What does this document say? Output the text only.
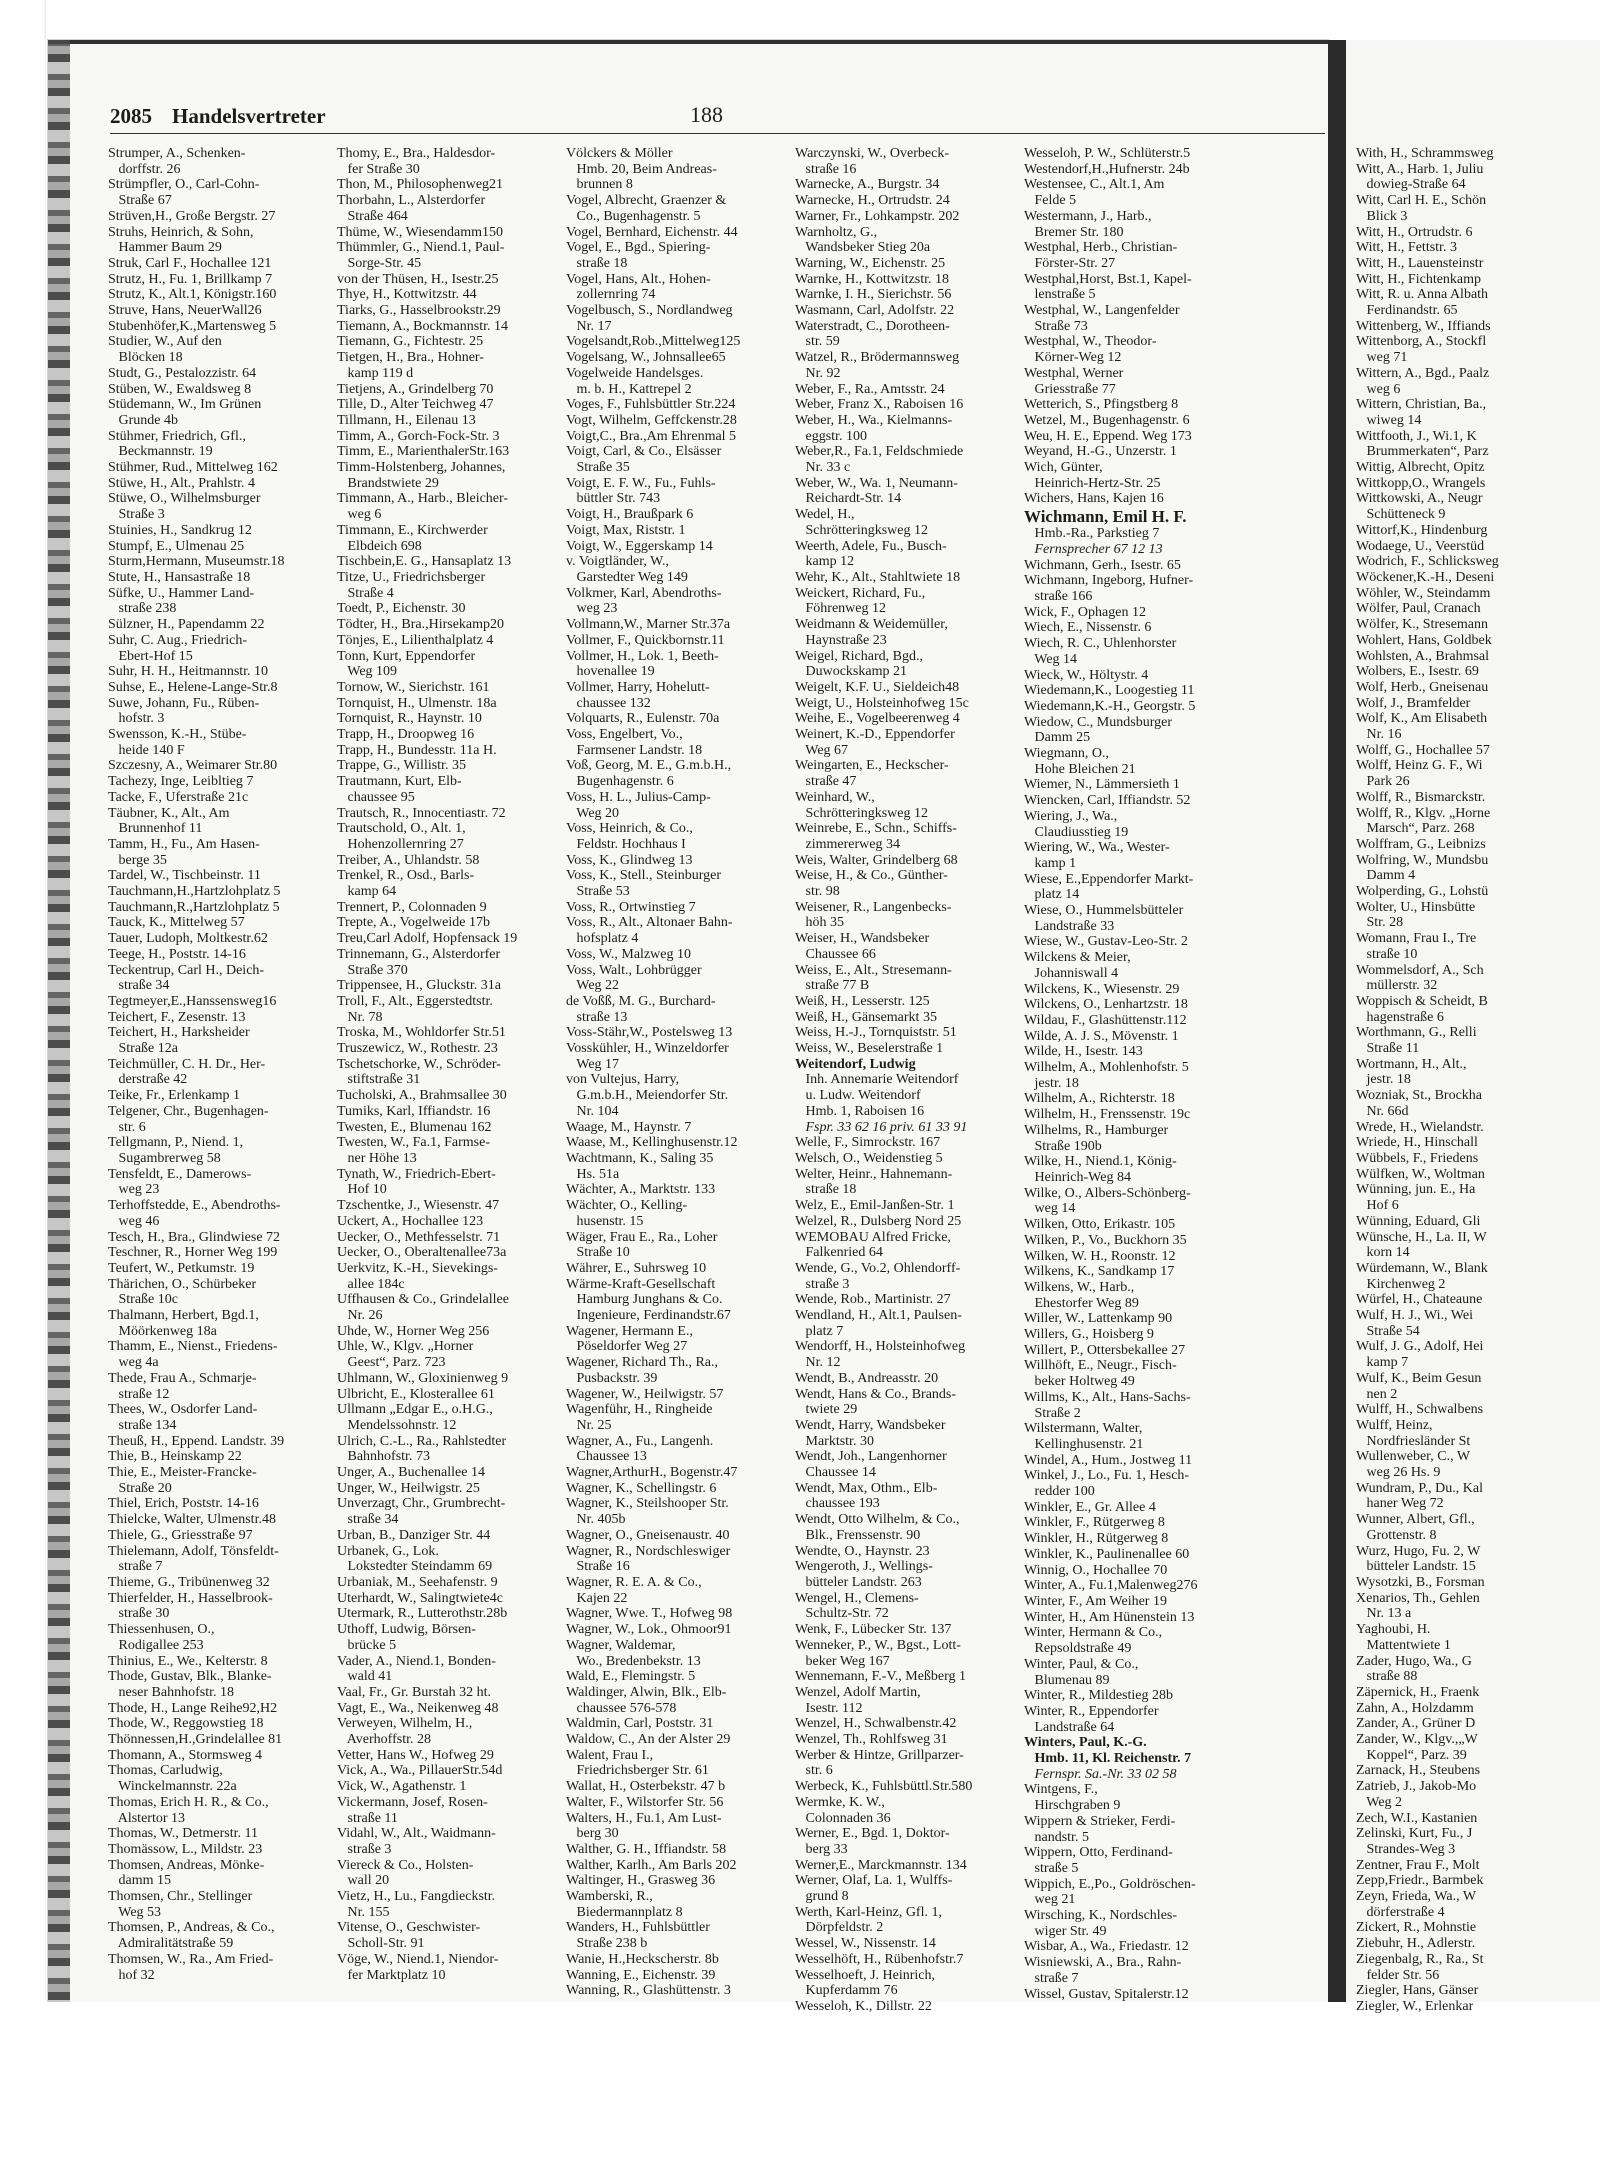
2085 Handelsvertreter	188
Strumper, A., Schenken-
dorffstr. 26
Strümpfler, O., Carl-Cohn-
Straße 67
Strüven,H., Große Bergstr. 27
Struhs, Heinrich, & Sohn,
Hammer Baum 29
Struk, Carl F., Hochallee 121
Strutz, H., Fu. 1, Brillkamp 7
Strutz, K., Alt.1, Königstr.160
Struve, Hans, NeuerWall26
Stubenhöfer,K.,Martensweg 5
Studier, W., Auf den
Blöcken 18
Studt, G., Pestalozzistr. 64
Stüben, W., Ewaldsweg 8
Stüdemann, W., Im Grünen
Grunde 4b
Stühmer, Friedrich, Gfl.,
Beckmannstr. 19
Stühmer, Rud., Mittelweg 162
Stüwe, H., Alt., Prahlstr. 4
Stüwe, O., Wilhelmsburger
Straße 3
Stuinies, H., Sandkrug 12
Stumpf, E., Ulmenau 25
Sturm,Hermann, Museumstr.18
Stute, H., Hansastraße 18
Süfke, U., Hammer Land-
straße 238
Sülzner, H., Papendamm 22
Suhr, C. Aug., Friedrich-
Ebert-Hof 15
Suhr, H. H., Heitmannstr. 10
Suhse, E., Helene-Lange-Str.8
Suwe, Johann, Fu., Rüben-
hofstr. 3
Swensson, K.-H., Stübe-
heide 140 F
Szczesny, A., Weimarer Str.80
Tachezy, Inge, Leibltieg 7
Tacke, F., Uferstraße 21c
Täubner, K., Alt., Am
Brunnenhof 11
Tamm, H., Fu., Am Hasen-
berge 35
Tardel, W., Tischbeinstr. 11
Tauchmann,H.,Hartzlohplatz 5
Tauchmann,R.,Hartzlohplatz 5
Tauck, K., Mittelweg 57
Tauer, Ludoph, Moltkestr.62
Teege, H., Poststr. 14-16
Teckentrup, Carl H., Deich-
straße 34
Tegtmeyer,E.,Hanssensweg16
Teichert, F., Zesenstr. 13
Teichert, H., Harksheider
Straße 12a
Teichmüller, C. H. Dr., Her-
derstraße 42
Teike, Fr., Erlenkamp 1
Telgener, Chr., Bugenhagen-
str. 6
Tellgmann, P., Niend. 1,
Sugambrerweg 58
Tensfeldt, E., Damerows-
weg 23
Terhoffstedde, E., Abendroths-
weg 46
Tesch, H., Bra., Glindwiese 72
Teschner, R., Horner Weg 199
Teufert, W., Petkumstr. 19
Thärichen, O., Schürbeker
Straße 10c
Thalmann, Herbert, Bgd.1,
Möörkenweg 18a
Thamm, E., Nienst., Friedens-
weg 4a
Thede, Frau A., Schmarje-
straße 12
Thees, W., Osdorfer Land-
straße 134
Theuß, H., Eppend. Landstr. 39
Thie, B., Heinskamp 22
Thie, E., Meister-Francke-
Straße 20
Thiel, Erich, Poststr. 14-16
Thielcke, Walter, Ulmenstr.48
Thiele, G., Griesstraße 97
Thielemann, Adolf, Tönsfeldt-
straße 7
Thieme, G., Tribünenweg 32
Thierfelder, H., Hasselbrook-
straße 30
Thiessenhusen, O.,
Rodigallee 253
Thinius, E., We., Kelterstr. 8
Thode, Gustav, Blk., Blanke-
neser Bahnhofstr. 18
Thode, H., Lange Reihe92,H2
Thode, W., Reggowstieg 18
Thönnessen,H.,Grindelallee 81
Thomann, A., Stormsweg 4
Thomas, Carludwig,
Winckelmannstr. 22a
Thomas, Erich H. R., & Co.,
Alstertor 13
Thomas, W., Detmerstr. 11
Thomässow, L., Mildstr. 23
Thomsen, Andreas, Mönke-
damm 15
Thomsen, Chr., Stellinger
Weg 53
Thomsen, P., Andreas, & Co.,
Admiralitätstraße 59
Thomsen, W., Ra., Am Fried-
hof 32
Thomy, E., Bra., Haldesdor-
fer Straße 30
Thon, M., Philosophenweg21
Thorbahn, L., Alsterdorfer
Straße 464
Thüme, W., Wiesendamm150
Thümmler, G., Niend.1, Paul-
Sorge-Str. 45
von der Thüsen, H., Isestr.25
Thye, H., Kottwitzstr. 44
Tiarks, G., Hasselbrookstr.29
Tiemann, A., Bockmannstr. 14
Tiemann, G., Fichtestr. 25
Tietgen, H., Bra., Hohner-
kamp 119 d
Tietjens, A., Grindelberg 70
Tille, D., Alter Teichweg 47
Tillmann, H., Eilenau 13
Timm, A., Gorch-Fock-Str. 3
Timm, E., MarienthalerStr.163
Timm-Holstenberg, Johannes,
Brandstwiete 29
Timmann, A., Harb., Bleicher-
weg 6
Timmann, E., Kirchwerder
Elbdeich 698
Tischbein,E. G., Hansaplatz 13
Titze, U., Friedrichsberger
Straße 4
Toedt, P., Eichenstr. 30
Tödter, H., Bra.,Hirsekamp20
Tönjes, E., Lilienthalplatz 4
Tonn, Kurt, Eppendorfer
Weg 109
Tornow, W., Sierichstr. 161
Tornquist, H., Ulmenstr. 18a
Tornquist, R., Haynstr. 10
Trapp, H., Droopweg 16
Trapp, H., Bundesstr. 11a H.
Trappe, G., Willistr. 35
Trautmann, Kurt, Elb-
chaussee 95
Trautsch, R., Innocentiastr. 72
Trautschold, O., Alt. 1,
Hohenzollernring 27
Treiber, A., Uhlandstr. 58
Trenkel, R., Osd., Barls-
kamp 64
Trennert, P., Colonnaden 9
Trepte, A., Vogelweide 17b
Treu,Carl Adolf, Hopfensack 19
Trinnemann, G., Alsterdorfer
Straße 370
Trippensee, H., Gluckstr. 31a
Troll, F., Alt., Eggerstedtstr.
Nr. 78
Troska, M., Wohldorfer Str.51
Truszewicz, W., Rothestr. 23
Tschetschorke, W., Schröder-
stiftstraße 31
Tucholski, A., Brahmsallee 30
Tumiks, Karl, Iffiandstr. 16
Twesten, E., Blumenau 162
Twesten, W., Fa.1, Farmse-
ner Höhe 13
Tynath, W., Friedrich-Ebert-
Hof 10
Tzschentke, J., Wiesenstr. 47
Uckert, A., Hochallee 123
Uecker, O., Methfesselstr. 71
Uecker, O., Oberaltenallee73a
Uerkvitz, K.-H., Sievekings-
allee 184c
Uffhausen & Co., Grindelallee
Nr. 26
Uhde, W., Horner Weg 256
Uhle, W., Klgv. „Horner
Geest“, Parz. 723
Uhlmann, W., Gloxinienweg 9
Ulbricht, E., Klosterallee 61
Ullmann „Edgar E., o.H.G.,
Mendelssohnstr. 12
Ulrich, C.-L., Ra., Rahlstedter
Bahnhofstr. 73
Unger, A., Buchenallee 14
Unger, W., Heilwigstr. 25
Unverzagt, Chr., Grumbrecht-
straße 34
Urban, B., Danziger Str. 44
Urbanek, G., Lok.
Lokstedter Steindamm 69
Urbaniak, M., Seehafenstr. 9
Uterhardt, W., Salingtwiete4c
Utermark, R., Lutterothstr.28b
Uthoff, Ludwig, Börsen-
brücke 5
Vader, A., Niend.1, Bonden-
wald 41
Vaal, Fr., Gr. Burstah 32 ht.
Vagt, E., Wa., Neikenweg 48
Verweyen, Wilhelm, H.,
Averhoffstr. 28
Vetter, Hans W., Hofweg 29
Vick, A., Wa., PillauerStr.54d
Vick, W., Agathenstr. 1
Vickermann, Josef, Rosen-
straße 11
Vidahl, W., Alt., Waidmann-
straße 3
Viereck & Co., Holsten-
wall 20
Vietz, H., Lu., Fangdieckstr.
Nr. 155
Vitense, O., Geschwister-
Scholl-Str. 91
Vöge, W., Niend.1, Niendor-
fer Marktplatz 10
Völckers & Möller
Hmb. 20, Beim Andreas-
brunnen 8
Vogel, Albrecht, Graenzer &
Co., Bugenhagenstr. 5
Vogel, Bernhard, Eichenstr. 44
Vogel, E., Bgd., Spiering-
straße 18
Vogel, Hans, Alt., Hohen-
zollernring 74
Vogelbusch, S., Nordlandweg
Nr. 17
Vogelsandt,Rob.,Mittelweg125
Vogelsang, W., Johnsallee65
Vogelweide Handelsges.
m. b. H., Kattrepel 2
Voges, F., Fuhlsbüttler Str.224
Vogt, Wilhelm, Geffckenstr.28
Voigt,C., Bra.,Am Ehrenmal 5
Voigt, Carl, & Co., Elsässer
Straße 35
Voigt, E. F. W., Fu., Fuhls-
büttler Str. 743
Voigt, H., Braußpark 6
Voigt, Max, Riststr. 1
Voigt, W., Eggerskamp 14
v. Voigtländer, W.,
Garstedter Weg 149
Volkmer, Karl, Abendroths-
weg 23
Vollmann,W., Marner Str.37a
Vollmer, F., Quickbornstr.11
Vollmer, H., Lok. 1, Beeth-
hovenallee 19
Vollmer, Harry, Hohelutt-
chaussee 132
Volquarts, R., Eulenstr. 70a
Voss, Engelbert, Vo.,
Farmsener Landstr. 18
Voß, Georg, M. E., G.m.b.H.,
Bugenhagenstr. 6
Voss, H. L., Julius-Camp-
Weg 20
Voss, Heinrich, & Co.,
Feldstr. Hochhaus I
Voss, K., Glindweg 13
Voss, K., Stell., Steinburger
Straße 53
Voss, R., Ortwinstieg 7
Voss, R., Alt., Altonaer Bahn-
hofsplatz 4
Voss, W., Malzweg 10
Voss, Walt., Lohbrügger
Weg 22
de Voßß, M. G., Burchard-
straße 13
Voss-Stähr,W., Postelsweg 13
Vosskühler, H., Winzeldorfer
Weg 17
von Vultejus, Harry,
G.m.b.H., Meiendorfer Str.
Nr. 104
Waage, M., Haynstr. 7
Waase, M., Kellinghusenstr.12
Wachtmann, K., Saling 35
Hs. 51a
Wächter, A., Marktstr. 133
Wächter, O., Kelling-
husenstr. 15
Wäger, Frau E., Ra., Loher
Straße 10
Währer, E., Suhrsweg 10
Wärme-Kraft-Gesellschaft
Hamburg Junghans & Co.
Ingenieure, Ferdinandstr.67
Wagener, Hermann E.,
Pöseldorfer Weg 27
Wagener, Richard Th., Ra.,
Pusbackstr. 39
Wagener, W., Heilwigstr. 57
Wagenführ, H., Ringheide
Nr. 25
Wagner, A., Fu., Langenh.
Chaussee 13
Wagner,ArthurH., Bogenstr.47
Wagner, K., Schellingstr. 6
Wagner, K., Steilshooper Str.
Nr. 405b
Wagner, O., Gneisenaustr. 40
Wagner, R., Nordschleswiger
Straße 16
Wagner, R. E. A. & Co.,
Kajen 22
Wagner, Wwe. T., Hofweg 98
Wagner, W., Lok., Ohmoor91
Wagner, Waldemar,
Wo., Bredenbekstr. 13
Wald, E., Flemingstr. 5
Waldinger, Alwin, Blk., Elb-
chaussee 576-578
Waldmin, Carl, Poststr. 31
Waldow, C., An der Alster 29
Walent, Frau I.,
Friedrichsberger Str. 61
Wallat, H., Osterbekstr. 47 b
Walter, F., Wilstorfer Str. 56
Walters, H., Fu.1, Am Lust-
berg 30
Walther, G. H., Iffiandstr. 58
Walther, Karlh., Am Barls 202
Waltinger, H., Grasweg 36
Wamberski, R.,
Biedermannplatz 8
Wanders, H., Fuhlsbüttler
Straße 238 b
Wanie, H.,Heckscherstr. 8b
Wanning, E., Eichenstr. 39
Wanning, R., Glashüttenstr. 3
Warczynski, W., Overbeck-
straße 16
Warnecke, A., Burgstr. 34
Warnecke, H., Ortrudstr. 24
Warner, Fr., Lohkampstr. 202
Warnholtz, G.,
Wandsbeker Stieg 20a
Warning, W., Eichenstr. 25
Warnke, H., Kottwitzstr. 18
Warnke, I. H., Sierichstr. 56
Wasmann, Carl, Adolfstr. 22
Waterstradt, C., Dorotheen-
str. 59
Watzel, R., Brödermannsweg
Nr. 92
Weber, F., Ra., Amtsstr. 24
Weber, Franz X., Raboisen 16
Weber, H., Wa., Kielmanns-
eggstr. 100
Weber,R., Fa.1, Feldschmiede
Nr. 33 c
Weber, W., Wa. 1, Neumann-
Reichardt-Str. 14
Wedel, H.,
Schrötteringksweg 12
Weerth, Adele, Fu., Busch-
kamp 12
Wehr, K., Alt., Stahltwiete 18
Weickert, Richard, Fu.,
Föhrenweg 12
Weidmann & Weidemüller,
Haynstraße 23
Weigel, Richard, Bgd.,
Duwockskamp 21
Weigelt, K.F. U., Sieldeich48
Weigt, U., Holsteinhofweg 15c
Weihe, E., Vogelbeerenweg 4
Weinert, K.-D., Eppendorfer
Weg 67
Weingarten, E., Heckscher-
straße 47
Weinhard, W.,
Schrötteringksweg 12
Weinrebe, E., Schn., Schiffs-
zimmererweg 34
Weis, Walter, Grindelberg 68
Weise, H., & Co., Günther-
str. 98
Weisener, R., Langenbecks-
höh 35
Weiser, H., Wandsbeker
Chaussee 66
Weiss, E., Alt., Stresemann-
straße 77 B
Weiß, H., Lesserstr. 125
Weiß, H., Gänsemarkt 35
Weiss, H.-J., Tornquiststr. 51
Weiss, W., Beselerstraße 1
Weitendorf, Ludwig
Inh. Annemarie Weitendorf
u. Ludw. Weitendorf
Hmb. 1, Raboisen 16
Fspr. 33 62 16 priv. 61 33 91
Welle, F., Simrockstr. 167
Welsch, O., Weidenstieg 5
Welter, Heinr., Hahnemann-
straße 18
Welz, E., Emil-Janßen-Str. 1
Welzel, R., Dulsberg Nord 25
WEMOBAU Alfred Fricke,
Falkenried 64
Wende, G., Vo.2, Ohlendorff-
straße 3
Wende, Rob., Martinistr. 27
Wendland, H., Alt.1, Paulsen-
platz 7
Wendorff, H., Holsteinhofweg
Nr. 12
Wendt, B., Andreasstr. 20
Wendt, Hans & Co., Brands-
twiete 29
Wendt, Harry, Wandsbeker
Marktstr. 30
Wendt, Joh., Langenhorner
Chaussee 14
Wendt, Max, Othm., Elb-
chaussee 193
Wendt, Otto Wilhelm, & Co.,
Blk., Frenssenstr. 90
Wendte, O., Haynstr. 23
Wengeroth, J., Wellings-
bütteler Landstr. 263
Wengel, H., Clemens-
Schultz-Str. 72
Wenk, F., Lübecker Str. 137
Wenneker, P., W., Bgst., Lott-
beker Weg 167
Wennemann, F.-V., Meßberg 1
Wenzel, Adolf Martin,
Isestr. 112
Wenzel, H., Schwalbenstr.42
Wenzel, Th., Rohlfsweg 31
Werber & Hintze, Grillparzer-
str. 6
Werbeck, K., Fuhlsbüttl.Str.580
Wermke, K. W.,
Colonnaden 36
Werner, E., Bgd. 1, Doktor-
berg 33
Werner,E., Marckmannstr. 134
Werner, Olaf, La. 1, Wulffs-
grund 8
Werth, Karl-Heinz, Gfl. 1,
Dörpfeldstr. 2
Wessel, W., Nissenstr. 14
Wesselhöft, H., Rübenhofstr.7
Wesselhoeft, J. Heinrich,
Kupferdamm 76
Wesseloh, K., Dillstr. 22
Wesseloh, P. W., Schlüterstr.5
Westendorf,H.,Hufnerstr. 24b
Westensee, C., Alt.1, Am
Felde 5
Westermann, J., Harb.,
Bremer Str. 180
Westphal, Herb., Christian-
Förster-Str. 27
Westphal,Horst, Bst.1, Kapel-
lenstraße 5
Westphal, W., Langenfelder
Straße 73
Westphal, W., Theodor-
Körner-Weg 12
Westphal, Werner
Griesstraße 77
Wetterich, S., Pfingstberg 8
Wetzel, M., Bugenhagenstr. 6
Weu, H. E., Eppend. Weg 173
Weyand, H.-G., Unzerstr. 1
Wich, Günter,
Heinrich-Hertz-Str. 25
Wichers, Hans, Kajen 16
Wichmann, Emil H. F.
Hmb.-Ra., Parkstieg 7
Fernsprecher 67 12 13
Wichmann, Gerh., Isestr. 65
Wichmann, Ingeborg, Hufner-
straße 166
Wick, F., Ophagen 12
Wiech, E., Nissenstr. 6
Wiech, R. C., Uhlenhorster
Weg 14
Wieck, W., Höltystr. 4
Wiedemann,K., Loogestieg 11
Wiedemann,K.-H., Georgstr. 5
Wiedow, C., Mundsburger
Damm 25
Wiegmann, O.,
Hohe Bleichen 21
Wiemer, N., Lämmersieth 1
Wiencken, Carl, Iffiandstr. 52
Wiering, J., Wa.,
Claudiusstieg 19
Wiering, W., Wa., Wester-
kamp 1
Wiese, E.,Eppendorfer Markt-
platz 14
Wiese, O., Hummelsbütteler
Landstraße 33
Wiese, W., Gustav-Leo-Str. 2
Wilckens & Meier,
Johanniswall 4
Wilckens, K., Wiesenstr. 29
Wilckens, O., Lenhartzstr. 18
Wildau, F., Glashüttenstr.112
Wilde, A. J. S., Mövenstr. 1
Wilde, H., Isestr. 143
Wilhelm, A., Mohlenhofstr. 5
jestr. 18
Wilhelm, A., Richterstr. 18
Wilhelm, H., Frenssenstr. 19c
Wilhelms, R., Hamburger
Straße 190b
Wilke, H., Niend.1, König-
Heinrich-Weg 84
Wilke, O., Albers-Schönberg-
weg 14
Wilken, Otto, Erikastr. 105
Wilken, P., Vo., Buckhorn 35
Wilken, W. H., Roonstr. 12
Wilkens, K., Sandkamp 17
Wilkens, W., Harb.,
Ehestorfer Weg 89
Willer, W., Lattenkamp 90
Willers, G., Hoisberg 9
Willert, P., Ottersbekallee 27
Willhöft, E., Neugr., Fisch-
beker Holtweg 49
Willms, K., Alt., Hans-Sachs-
Straße 2
Wilstermann, Walter,
Kellinghusenstr. 21
Windel, A., Hum., Jostweg 11
Winkel, J., Lo., Fu. 1, Hesch-
redder 100
Winkler, E., Gr. Allee 4
Winkler, F., Rütgerweg 8
Winkler, H., Rütgerweg 8
Winkler, K., Paulinenallee 60
Winnig, O., Hochallee 70
Winter, A., Fu.1,Malenweg276
Winter, F., Am Weiher 19
Winter, H., Am Hünenstein 13
Winter, Hermann & Co.,
Repsoldstraße 49
Winter, Paul, & Co.,
Blumenau 89
Winter, R., Mildestieg 28b
Winter, R., Eppendorfer
Landstraße 64
Winters, Paul, K.-G.
Hmb. 11, Kl. Reichenstr. 7
Fernspr. Sa.-Nr. 33 02 58
Wintgens, F.,
Hirschgraben 9
Wippern & Strieker, Ferdi-
nandstr. 5
Wippern, Otto, Ferdinand-
straße 5
Wippich, E.,Po., Goldröschen-
weg 21
Wirsching, K., Nordschles-
wiger Str. 49
Wisbar, A., Wa., Friedastr. 12
Wisniewski, A., Bra., Rahn-
straße 7
Wissel, Gustav, Spitalerstr.12
With, H., Schrammsweg
Witt, A., Harb. 1, Juliu
dowieg-Straße 64
Witt, Carl H. E., Schön
Blick 3
Witt, H., Ortrudstr. 6
Witt, H., Fettstr. 3
Witt, H., Lauensteinstr
Witt, H., Fichtenkamp
Witt, R. u. Anna Albath
Ferdinandstr. 65
Wittenberg, W., Iffiands
Wittenborg, A., Stockfl
weg 71
Wittern, A., Bgd., Paalz
weg 6
Wittern, Christian, Ba.,
wiweg 14
Wittfooth, J., Wi.1, K
Brummerkaten“, Parz
Wittig, Albrecht, Opitz
Wittkopp,O., Wrangels
Wittkowski, A., Neugr
Schütteneck 9
Wittorf,K., Hindenburg
Wodaege, U., Veerstüd
Wodrich, F., Schlicksweg
Wöckener,K.-H., Deseni
Wöhler, W., Steindamm
Wölfer, Paul, Cranach
Wölfer, K., Stresemann
Wohlert, Hans, Goldbek
Wohlsten, A., Brahmsal
Wolbers, E., Isestr. 69
Wolf, Herb., Gneisenau
Wolf, J., Bramfelder
Wolf, K., Am Elisabeth
Nr. 16
Wolff, G., Hochallee 57
Wolff, Heinz G. F., Wi
Park 26
Wolff, R., Bismarckstr.
Wolff, R., Klgv. „Horne
Marsch“, Parz. 268
Wolffram, G., Leibnizs
Wolfring, W., Mundsbu
Damm 4
Wolperding, G., Lohstü
Wolter, U., Hinsbütte
Str. 28
Womann, Frau I., Tre
straße 10
Wommelsdorf, A., Sch
müllerstr. 32
Woppisch & Scheidt, B
hagenstraße 6
Worthmann, G., Relli
Straße 11
Wortmann, H., Alt.,
jestr. 18
Wozniak, St., Brockha
Nr. 66d
Wrede, H., Wielandstr.
Wriede, H., Hinschall
Wübbels, F., Friedens
Wülfken, W., Woltman
Wünning, jun. E., Ha
Hof 6
Wünning, Eduard, Gli
Wünsche, H., La. II, W
korn 14
Würdemann, W., Blank
Kirchenweg 2
Würfel, H., Chateaune
Wulf, H. J., Wi., Wei
Straße 54
Wulf, J. G., Adolf, Hei
kamp 7
Wulf, K., Beim Gesun
nen 2
Wulff, H., Schwalbens
Wulff, Heinz,
Nordfriesländer St
Wullenweber, C., W
weg 26 Hs. 9
Wundram, P., Du., Kal
haner Weg 72
Wunner, Albert, Gfl.,
Grottenstr. 8
Wurz, Hugo, Fu. 2, W
bütteler Landstr. 15
Wysotzki, B., Forsman
Xenarios, Th., Gehlen
Nr. 13 a
Yaghoubi, H.
Mattentwiete 1
Zader, Hugo, Wa., G
straße 88
Zäpernick, H., Fraenk
Zahn, A., Holzdamm
Zander, A., Grüner D
Zander, W., Klgv.,„W
Koppel“, Parz. 39
Zarnack, H., Steubens
Zatrieb, J., Jakob-Mo
Weg 2
Zech, W.I., Kastanien
Zelinski, Kurt, Fu., J
Strandes-Weg 3
Zentner, Frau F., Molt
Zepp,Friedr., Barmbek
Zeyn, Frieda, Wa., W
dörferstraße 4
Zickert, R., Mohnstie
Ziebuhr, H., Adlerstr.
Ziegenbalg, R., Ra., St
felder Str. 56
Ziegler, Hans, Gänser
Ziegler, W., Erlenkar
